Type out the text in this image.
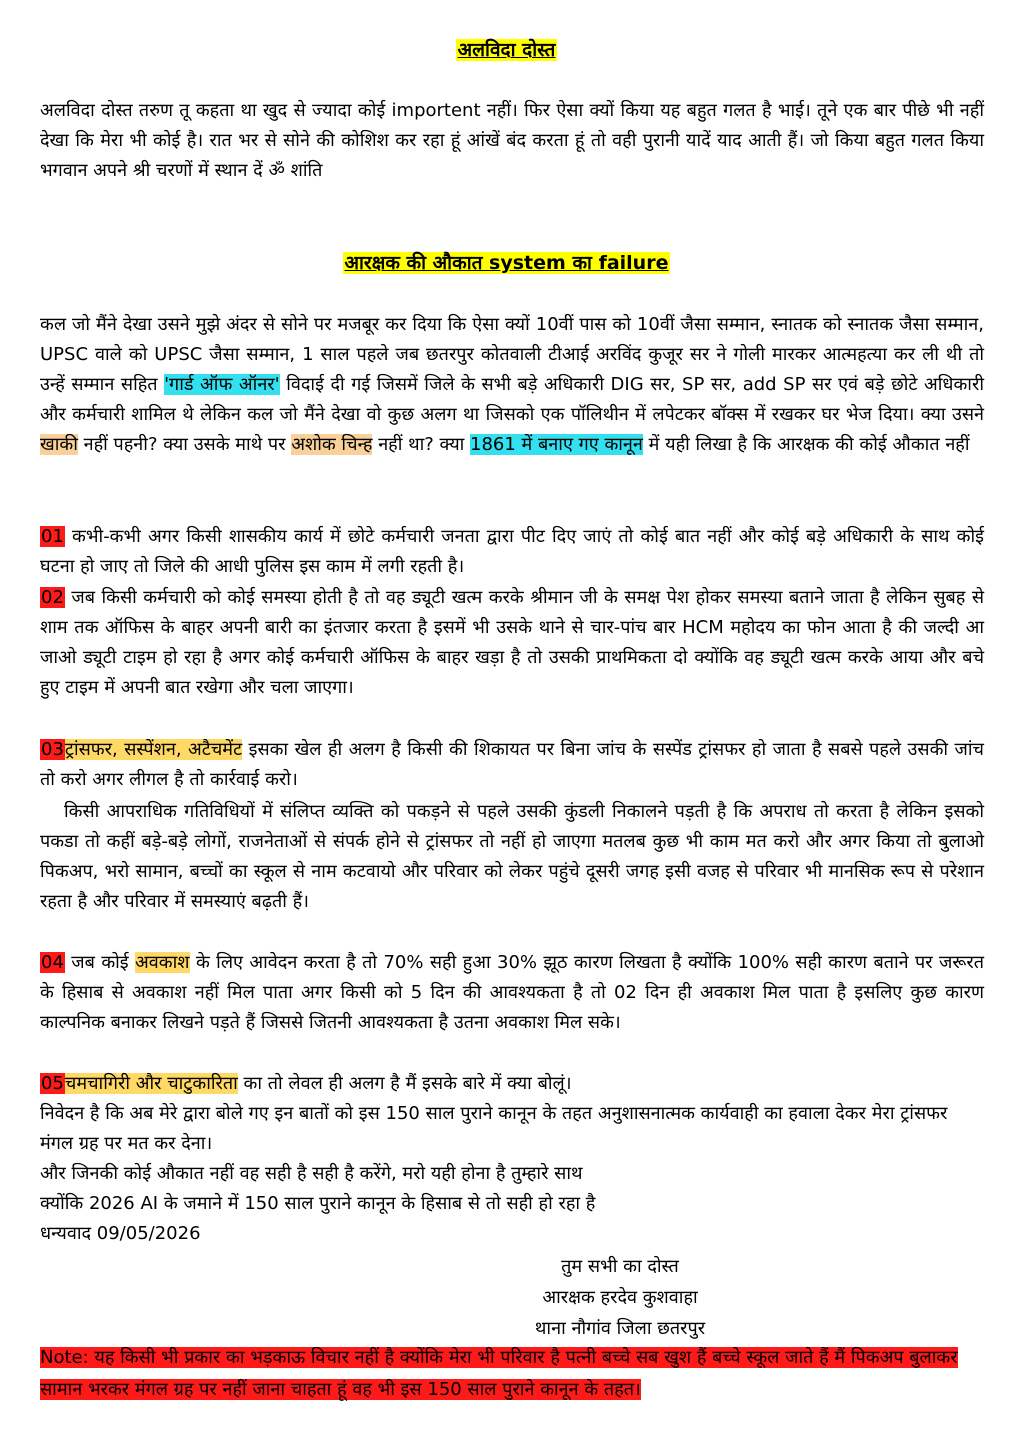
अलविदा दोस्त
अलविदा दोस्त तरुण तू कहता था खुद से ज्यादा कोई importent नहीं। फिर ऐसा क्यों किया यह बहुत गलत है भाई। तूने एक बार पीछे भी नहीं देखा कि मेरा भी कोई है। रात भर से सोने की कोशिश कर रहा हूं आंखें बंद करता हूं तो वही पुरानी यादें याद आती हैं। जो किया बहुत गलत किया भगवान अपने श्री चरणों में स्थान दें ॐ शांति
आरक्षक की औकात system का failure
कल जो मैंने देखा उसने मुझे अंदर से सोने पर मजबूर कर दिया कि ऐसा क्यों 10वीं पास को 10वीं जैसा सम्मान, स्नातक को स्नातक जैसा सम्मान, UPSC वाले को UPSC जैसा सम्मान, 1 साल पहले जब छतरपुर कोतवाली टीआई अरविंद कुजूर सर ने गोली मारकर आत्महत्या कर ली थी तो उन्हें सम्मान सहित 'गार्ड ऑफ ऑनर' विदाई दी गई जिसमें जिले के सभी बड़े अधिकारी DIG सर, SP सर, add SP सर एवं बड़े छोटे अधिकारी और कर्मचारी शामिल थे लेकिन कल जो मैंने देखा वो कुछ अलग था जिसको एक पॉलिथीन में लपेटकर बॉक्स में रखकर घर भेज दिया। क्या उसने खाकी नहीं पहनी? क्या उसके माथे पर अशोक चिन्ह नहीं था? क्या 1861 में बनाए गए कानून में यही लिखा है कि आरक्षक की कोई औकात नहीं
01 कभी-कभी अगर किसी शासकीय कार्य में छोटे कर्मचारी जनता द्वारा पीट दिए जाएं तो कोई बात नहीं और कोई बड़े अधिकारी के साथ कोई घटना हो जाए तो जिले की आधी पुलिस इस काम में लगी रहती है।
02 जब किसी कर्मचारी को कोई समस्या होती है तो वह ड्यूटी खत्म करके श्रीमान जी के समक्ष पेश होकर समस्या बताने जाता है लेकिन सुबह से शाम तक ऑफिस के बाहर अपनी बारी का इंतजार करता है इसमें भी उसके थाने से चार-पांच बार HCM महोदय का फोन आता है की जल्दी आ जाओ ड्यूटी टाइम हो रहा है अगर कोई कर्मचारी ऑफिस के बाहर खड़ा है तो उसकी प्राथमिकता दो क्योंकि वह ड्यूटी खत्म करके आया और बचे हुए टाइम में अपनी बात रखेगा और चला जाएगा।
03ट्रांसफर, सस्पेंशन, अटैचमेंट इसका खेल ही अलग है किसी की शिकायत पर बिना जांच के सस्पेंड ट्रांसफर हो जाता है सबसे पहले उसकी जांच तो करो अगर लीगल है तो कार्रवाई करो।
किसी आपराधिक गतिविधियों में संलिप्त व्यक्ति को पकड़ने से पहले उसकी कुंडली निकालने पड़ती है कि अपराध तो करता है लेकिन इसको पकडा तो कहीं बड़े-बड़े लोगों, राजनेताओं से संपर्क होने से ट्रांसफर तो नहीं हो जाएगा मतलब कुछ भी काम मत करो और अगर किया तो बुलाओ पिकअप, भरो सामान, बच्चों का स्कूल से नाम कटवायो और परिवार को लेकर पहुंचे दूसरी जगह इसी वजह से परिवार भी मानसिक रूप से परेशान रहता है और परिवार में समस्याएं बढ़ती हैं।
04 जब कोई अवकाश के लिए आवेदन करता है तो 70% सही हुआ 30% झूठ कारण लिखता है क्योंकि 100% सही कारण बताने पर जरूरत के हिसाब से अवकाश नहीं मिल पाता अगर किसी को 5 दिन की आवश्यकता है तो 02 दिन ही अवकाश मिल पाता है इसलिए कुछ कारण काल्पनिक बनाकर लिखने पड़ते हैं जिससे जितनी आवश्यकता है उतना अवकाश मिल सके।
05चमचागिरी और चाटुकारिता का तो लेवल ही अलग है मैं इसके बारे में क्या बोलूं।
निवेदन है कि अब मेरे द्वारा बोले गए इन बातों को इस 150 साल पुराने कानून के तहत अनुशासनात्मक कार्यवाही का हवाला देकर मेरा ट्रांसफर मंगल ग्रह पर मत कर देना।
और जिनकी कोई औकात नहीं वह सही है सही है करेंगे, मरो यही होना है तुम्हारे साथ
क्योंकि 2026 AI के जमाने में 150 साल पुराने कानून के हिसाब से तो सही हो रहा है
धन्यवाद 09/05/2026
तुम सभी का दोस्त
आरक्षक हरदेव कुशवाहा
थाना नौगांव जिला छतरपुर
Note: यह किसी भी प्रकार का भड़काऊ विचार नहीं है क्योंकि मेरा भी परिवार है पत्नी बच्चे सब खुश हैं बच्चे स्कूल जाते हैं मैं पिकअप बुलाकर सामान भरकर मंगल ग्रह पर नहीं जाना चाहता हूं वह भी इस 150 साल पुराने कानून के तहत।
